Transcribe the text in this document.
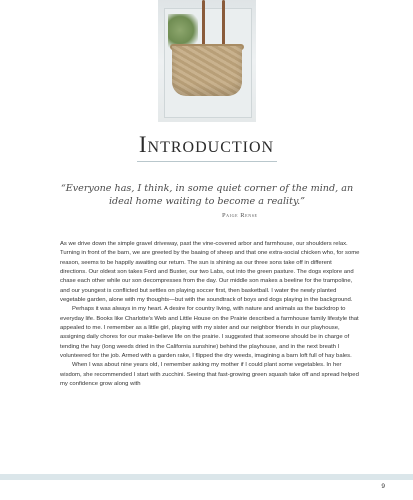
Introduction
“Everyone has, I think, in some quiet corner of the mind, an ideal home waiting to become a reality.”
Paige Rense

As we drive down the simple gravel driveway, past the vine-covered arbor and farmhouse, our shoulders relax. Turning in front of the barn, we are greeted by the baaing of sheep and that one extra-social chicken who, for some reason, seems to be happily awaiting our return. The sun is shining as our three sons take off in different directions. Our oldest son takes Ford and Buster, our two Labs, out into the green pasture. The dogs explore and chase each other while our son decompresses from the day. Our middle son makes a beeline for the trampoline, and our youngest is conflicted but settles on playing soccer first, then basketball. I water the newly planted vegetable garden, alone with my thoughts—but with the soundtrack of boys and dogs playing in the background.

Perhaps it was always in my heart. A desire for country living, with nature and animals as the backdrop to everyday life. Books like Charlotte's Web and Little House on the Prairie described a farmhouse family lifestyle that appealed to me. I remember as a little girl, playing with my sister and our neighbor friends in our playhouse, assigning daily chores for our make-believe life on the prairie. I suggested that someone should be in charge of tending the hay (long weeds dried in the California sunshine) behind the playhouse, and in the next breath I volunteered for the job. Armed with a garden rake, I flipped the dry weeds, imagining a barn loft full of hay bales.

When I was about nine years old, I remember asking my mother if I could plant some vegetables. In her wisdom, she recommended I start with zucchini. Seeing that fast-growing green squash take off and spread helped my confidence grow along with

9
